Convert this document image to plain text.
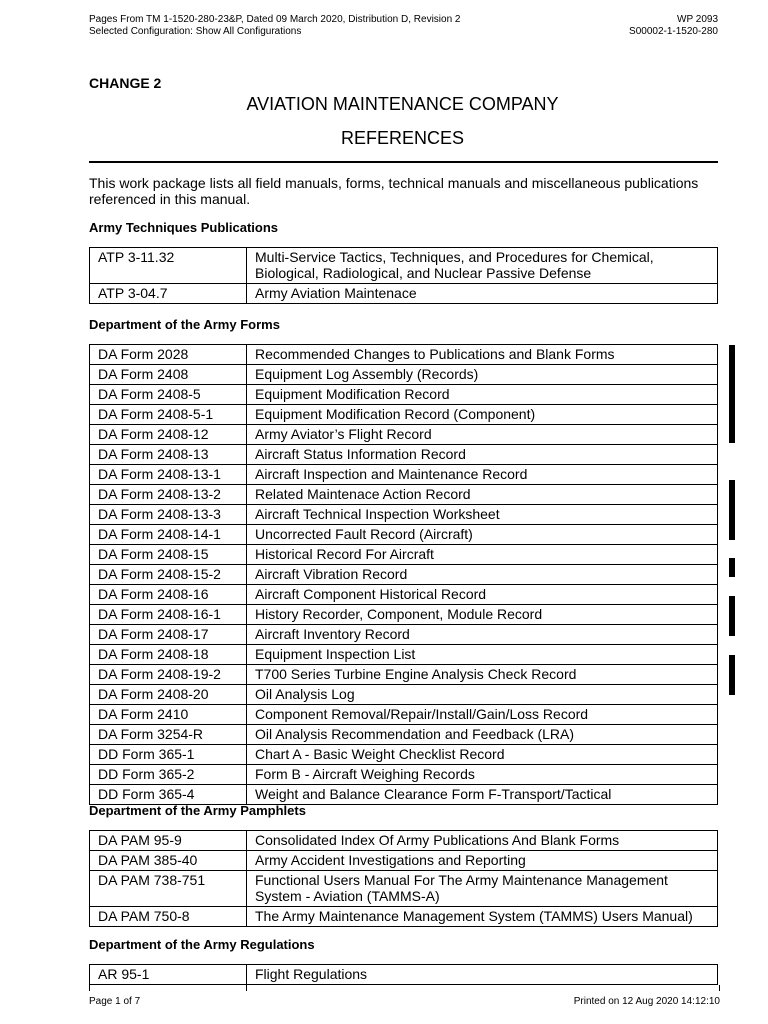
Pages From TM 1-1520-280-23&P, Dated 09 March 2020, Distribution D, Revision 2
Selected Configuration: Show All Configurations
WP 2093
S00002-1-1520-280
CHANGE 2
AVIATION MAINTENANCE COMPANY
REFERENCES
This work package lists all field manuals, forms, technical manuals and miscellaneous publications referenced in this manual.
Army Techniques Publications
ATP 3-11.32	Multi-Service Tactics, Techniques, and Procedures for Chemical, Biological, Radiological, and Nuclear Passive Defense
ATP 3-04.7	Army Aviation Maintenace
Department of the Army Forms
DA Form 2028	Recommended Changes to Publications and Blank Forms
DA Form 2408	Equipment Log Assembly (Records)
DA Form 2408-5	Equipment Modification Record
DA Form 2408-5-1	Equipment Modification Record (Component)
DA Form 2408-12	Army Aviator’s Flight Record
DA Form 2408-13	Aircraft Status Information Record
DA Form 2408-13-1	Aircraft Inspection and Maintenance Record
DA Form 2408-13-2	Related Maintenace Action Record
DA Form 2408-13-3	Aircraft Technical Inspection Worksheet
DA Form 2408-14-1	Uncorrected Fault Record (Aircraft)
DA Form 2408-15	Historical Record For Aircraft
DA Form 2408-15-2	Aircraft Vibration Record
DA Form 2408-16	Aircraft Component Historical Record
DA Form 2408-16-1	History Recorder, Component, Module Record
DA Form 2408-17	Aircraft Inventory Record
DA Form 2408-18	Equipment Inspection List
DA Form 2408-19-2	T700 Series Turbine Engine Analysis Check Record
DA Form 2408-20	Oil Analysis Log
DA Form 2410	Component Removal/Repair/Install/Gain/Loss Record
DA Form 3254-R	Oil Analysis Recommendation and Feedback (LRA)
DD Form 365-1	Chart A - Basic Weight Checklist Record
DD Form 365-2	Form B - Aircraft Weighing Records
DD Form 365-4	Weight and Balance Clearance Form F-Transport/Tactical
Department of the Army Pamphlets
DA PAM 95-9	Consolidated Index Of Army Publications And Blank Forms
DA PAM 385-40	Army Accident Investigations and Reporting
DA PAM 738-751	Functional Users Manual For The Army Maintenance Management System - Aviation (TAMMS-A)
DA PAM 750-8	The Army Maintenance Management System (TAMMS) Users Manual)
Department of the Army Regulations
AR 95-1	Flight Regulations
Page 1 of 7	Printed on 12 Aug 2020 14:12:10
